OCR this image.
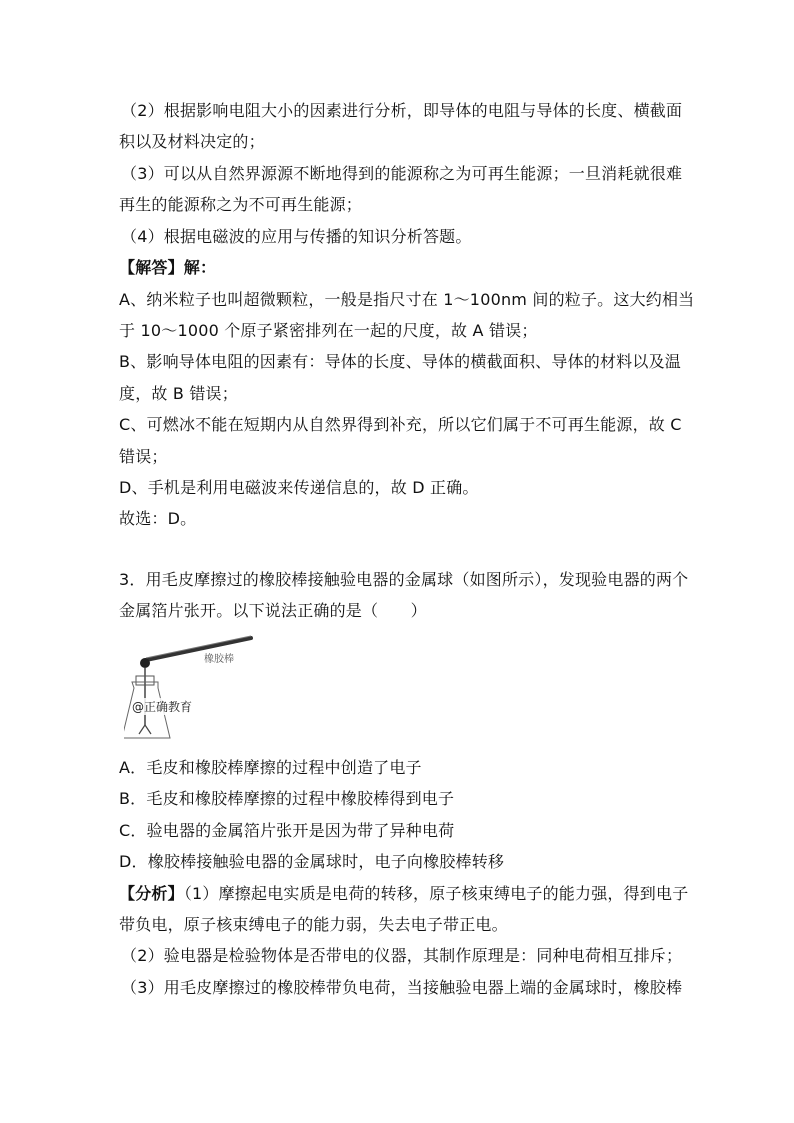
（2）根据影响电阻大小的因素进行分析，即导体的电阻与导体的长度、横截面
积以及材料决定的；
（3）可以从自然界源源不断地得到的能源称之为可再生能源；一旦消耗就很难
再生的能源称之为不可再生能源；
（4）根据电磁波的应用与传播的知识分析答题。
【解答】解：
A、纳米粒子也叫超微颗粒，一般是指尺寸在 1～100nm 间的粒子。这大约相当
于 10～1000 个原子紧密排列在一起的尺度，故 A 错误；
B、影响导体电阻的因素有：导体的长度、导体的横截面积、导体的材料以及温
度，故 B 错误；
C、可燃冰不能在短期内从自然界得到补充，所以它们属于不可再生能源，故 C
错误；
D、手机是利用电磁波来传递信息的，故 D 正确。
故选：D。
3．用毛皮摩擦过的橡胶棒接触验电器的金属球（如图所示），发现验电器的两个
金属箔片张开。以下说法正确的是（　　）
橡胶棒
@正确教育
A．毛皮和橡胶棒摩擦的过程中创造了电子
B．毛皮和橡胶棒摩擦的过程中橡胶棒得到电子
C．验电器的金属箔片张开是因为带了异种电荷
D．橡胶棒接触验电器的金属球时，电子向橡胶棒转移
【分析】（1）摩擦起电实质是电荷的转移，原子核束缚电子的能力强，得到电子
带负电，原子核束缚电子的能力弱，失去电子带正电。
（2）验电器是检验物体是否带电的仪器，其制作原理是：同种电荷相互排斥；
（3）用毛皮摩擦过的橡胶棒带负电荷，当接触验电器上端的金属球时，橡胶棒
